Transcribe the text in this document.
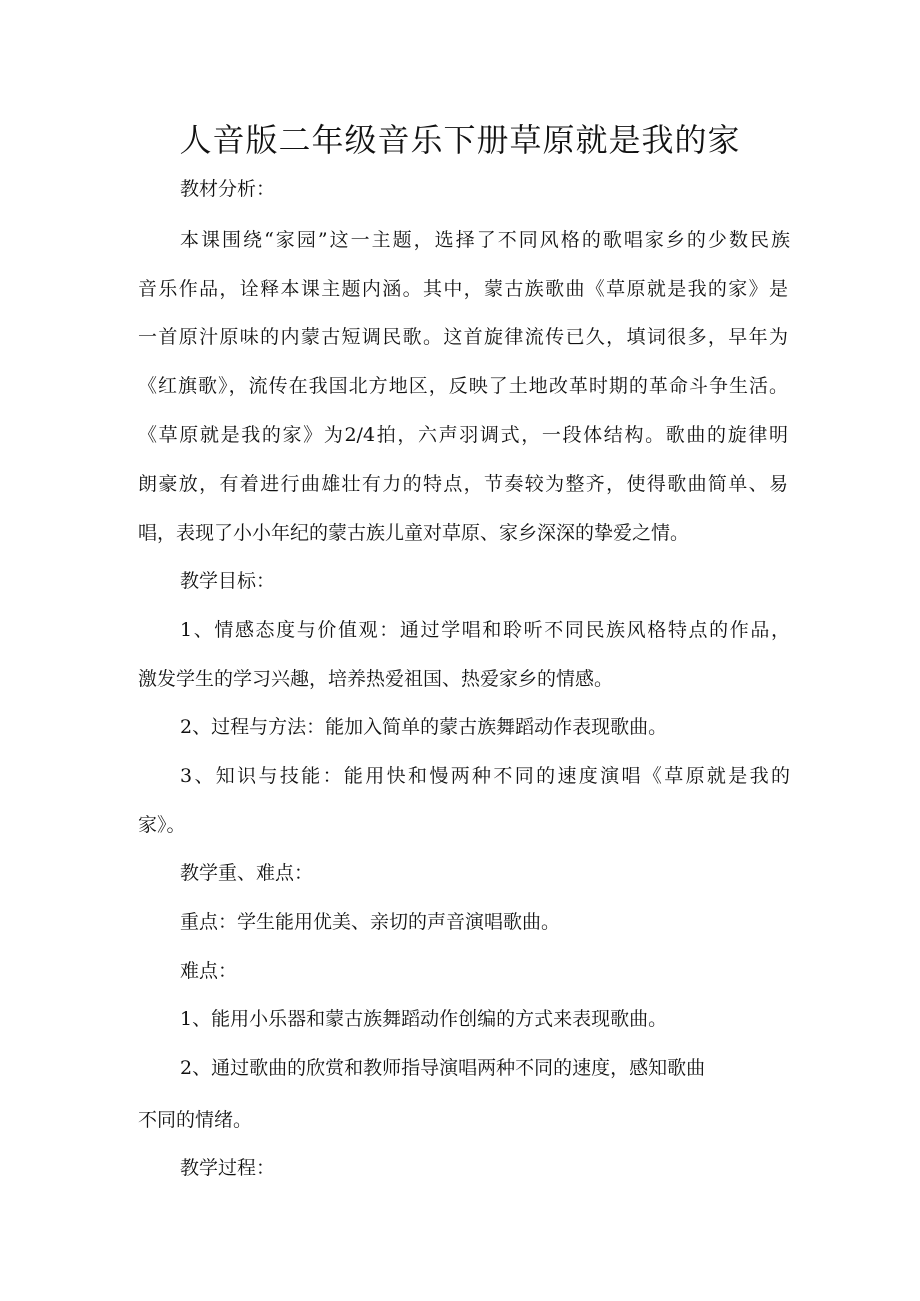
人音版二年级音乐下册草原就是我的家

教材分析：

本课围绕“家园”这一主题，选择了不同风格的歌唱家乡的少数民族

音乐作品，诠释本课主题内涵。其中，蒙古族歌曲《草原就是我的家》是

一首原汁原味的内蒙古短调民歌。这首旋律流传已久，填词很多，早年为

《红旗歌》，流传在我国北方地区，反映了土地改革时期的革命斗争生活。

《草原就是我的家》为2/4拍，六声羽调式，一段体结构。歌曲的旋律明

朗豪放，有着进行曲雄壮有力的特点，节奏较为整齐，使得歌曲简单、易

唱，表现了小小年纪的蒙古族儿童对草原、家乡深深的挚爱之情。

教学目标：

1、情感态度与价值观：通过学唱和聆听不同民族风格特点的作品，

激发学生的学习兴趣，培养热爱祖国、热爱家乡的情感。

2、过程与方法：能加入简单的蒙古族舞蹈动作表现歌曲。

3、知识与技能：能用快和慢两种不同的速度演唱《草原就是我的

家》。

教学重、难点：

重点：学生能用优美、亲切的声音演唱歌曲。

难点：

1、能用小乐器和蒙古族舞蹈动作创编的方式来表现歌曲。

2、通过歌曲的欣赏和教师指导演唱两种不同的速度，感知歌曲

不同的情绪。

教学过程：
